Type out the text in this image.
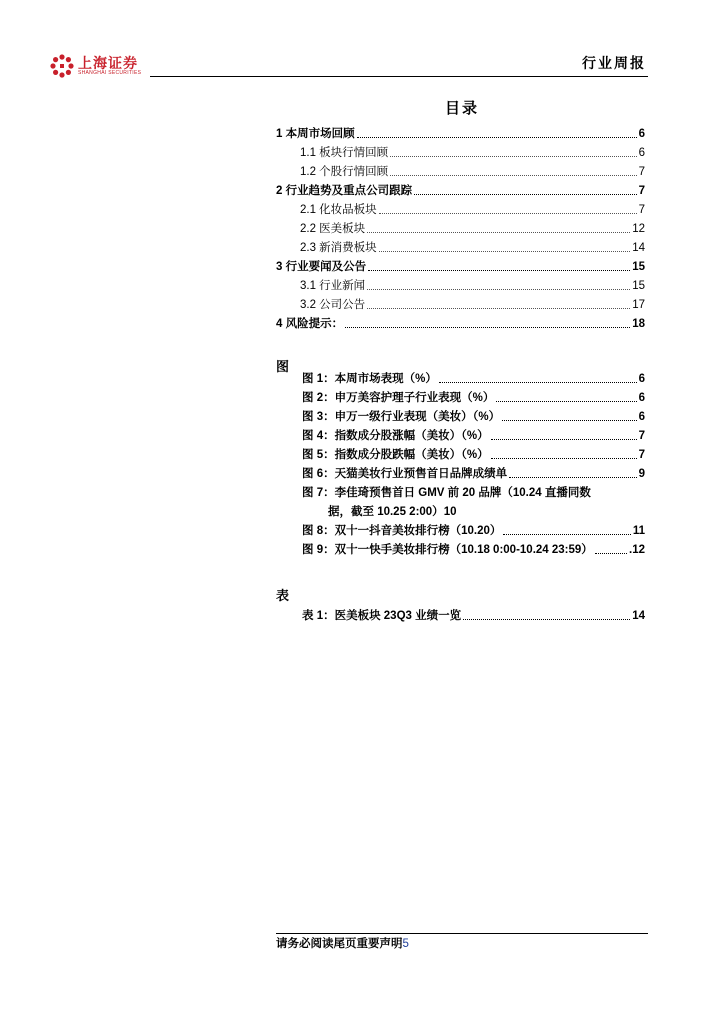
上海证券
SHANGHAI SECURITIES
行业周报
目录
1 本周市场回顾	6
1.1 板块行情回顾	6
1.2 个股行情回顾	7
2 行业趋势及重点公司跟踪	7
2.1 化妆品板块	7
2.2 医美板块	12
2.3 新消费板块	14
3 行业要闻及公告	15
3.1 行业新闻	15
3.2 公司公告	17
4 风险提示：	18
图
图 1：本周市场表现（%）	6
图 2：申万美容护理子行业表现（%）	6
图 3：申万一级行业表现（美妆）（%）	6
图 4：指数成分股涨幅（美妆）（%）	7
图 5：指数成分股跌幅（美妆）（%）	7
图 6：天猫美妆行业预售首日品牌成绩单	9
图 7：李佳琦预售首日 GMV 前 20 品牌（10.24 直播同数
据，截至 10.25 2:00） 10
图 8：双十一抖音美妆排行榜（10.20）	11
图 9：双十一快手美妆排行榜（10.18 0:00-10.24 23:59）	.12
表
表 1：医美板块 23Q3 业绩一览	14
请务必阅读尾页重要声明5
